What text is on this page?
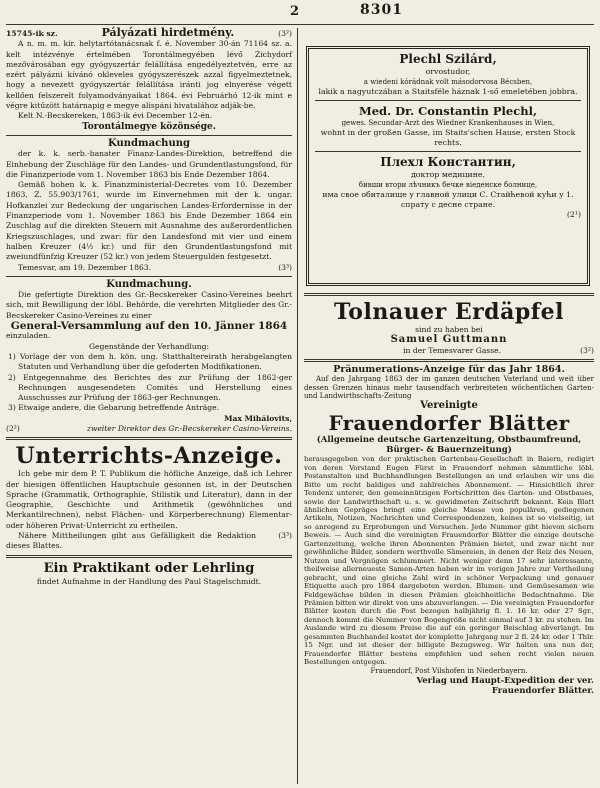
2	8301
15745-ik sz.	Pályázati hirdetmény.	(3²)
A n. m. m. kir. helytartótanácsnak f. é. November 30-án 71164 sz. a. kelt intézvénye értelmében Torontálmegyében lévő Zichydorf mezővárosában egy gyógyszertár felállítása engedélyeztetvén, erre az ezért pályázni kívánó okleveles gyógyszerészek azzal figyelmeztetnek, hogy a nevezett gyógyszertár felállítása iránti jog elnyerése végett kellően felszerelt folyamodványaikat 1864. évi Februárhó 12-ik mint e végre kitűzött határnapig e megye alispáni hivatalához adják-be.
Kelt N.-Becskereken, 1863-ik évi December 12-én.
Torontálmegye közönsége.
Kundmachung
der k. k. serb.-banater Finanz-Landes-Direktion, betreffend die Einhebung der Zuschläge für den Landes- und Grundentlastungsfond, für die Finanzperiode vom 1. November 1863 bis Ende Dezember 1864.
Gemäß hohen k. k. Finanzministerial-Decretes vom 10. Dezember 1863, Z. 55.903/1761, wurde im Einvernehmen mit der k. ungar. Hofkanzlei zur Bedeckung der ungarischen Landes-Erfordernisse in der Finanzperiode vom 1. November 1863 bis Ende Dezember 1864 ein Zuschlag auf die direkten Steuern mit Ausnahme des außerordentlichen Kriegszuschlages, und zwar: für den Landesfond mit vier und einem halben Kreuzer (4½ kr.) und für den Grundentlastungsfond mit zweiundfünfzig Kreuzer (52 kr.) von jedem Steuergulden festgesetzt.
Temesvar, am 19. Dezember 1863.	(3³)
Kundmachung.
Die gefertigte Direktion des Gr.-Becskereker Casino-Vereines beehrt sich, mit Bewilligung der löbl. Behörde, die verehrten Mitglieder des Gr.-Becskereker Casino-Vereines zu einer
General-Versammlung auf den 10. Jänner 1864
einzuladen.
Gegenstände der Verhandlung:
1) Vorlage der von dem h. kön. ung. Statthaltereirath herabgelangten Statuten und Verhandlung über die gefoderten Modifikationen.
2) Entgegennahme des Berichtes des zur Prüfung der 1862-ger Rechnungen ausgesendeten Comités und Herstellung eines Ausschusses zur Prüfung der 1863-ger Rechnungen.
3) Etwaige andere, die Gebarung betreffende Anträge.
Max Mihálovits,
(2²)	zweiter Direktor des Gr.-Becskereker Casino-Vereins.
Unterrichts-Anzeige.
Ich gebe mir dem P. T. Publikum die höfliche Anzeige, daß ich Lehrer der hiesigen öffentlichen Hauptschule gesonnen ist, in der Deutschen Sprache (Grammatik, Orthographie, Stilistik und Literatur), dann in der Geographie, Geschichte und Arithmetik (gewöhnliches und Merkantilrechnen), nebst Flächen- und Körperberechnung) Elementar- oder höheren Privat-Unterricht zu ertheilen.
Nähere Mittheilungen gibt aus Gefälligkeit die Redaktion dieses Blattes.
(3³)
Ein Praktikant oder Lehrling
findet Aufnahme in der Handlung des Paul Stagelschmidt.
Plechl Szilárd,
orvostudor,
a wiedeni kórádnak volt másodorvosa Bécsben,
lakik a nagyutczában a Staitsféle háznak 1-ső emeletében jobbra.
Med. Dr. Constantin Plechl,
gewes. Secundar-Arzt des Wiedner Krankenhauses in Wien,
wohnt in der großen Gasse, im Staits'schen Hause, ersten Stock rechts.
Плехл Константин,
доктор медицине,
бивши втори лѣчникъ бечке віеденске болнице,
има свое обиталище у главной улици С. Стайћевой кући у 1. спрату с десне стране.
(2¹)
Tolnauer Erdäpfel
sind zu haben bei
Samuel Guttmann
in der Temesvarer Gasse.	(3²)
Pränumerations-Anzeige für das Jahr 1864.
Auf den Jahrgang 1863 der im ganzen deutschen Vaterland und weit über dessen Grenzen hinaus mehr tausendfach verbreiteten wöchentlichen Garten- und Landwirthschafts-Zeitung
Vereinigte
Frauendorfer Blätter
(Allgemeine deutsche Gartenzeitung, Obstbaumfreund, Bürger- & Bauernzeitung)
herausgegeben von der praktischen Gartenbau-Gesellschaft in Baiern, redigirt von deren Vorstand Eugen Fürst in Frauendorf nehmen sämmtliche löbl. Postanstalten und Buchhandlungen Bestellungen an und erlauben wir uns die Bitte um recht baldiges und zahlreiches Abonnement. — Hinsichtlich ihrer Tendenz unterer, den gemeinnützigen Fortschritten des Garten- und Obstbaues, sowie der Landwirthschaft u. s. w. gewidmeten Zeitschrift bekannt. Kein Blatt ähnlichen Gepräges bringt eine gleiche Masse von populären, gediegenen Artikeln, Notizen, Nachrichten und Correspondenzen, keines ist so vielseitig, ist so anregend zu Erprobungen und Versuchen. Jede Nummer gibt hievon sichern Beweis. — Auch sind die vereinigten Frauendorfer Blätter die einzige deutsche Gartenzeitung, welche ihren Abonnenten Prämien bietet, und zwar nicht nur gewöhnliche Bilder, sondern werthvolle Sämereien, in denen der Reiz des Neuen, Nutzen und Vergnügen schlummert. Nicht weniger denn 17 sehr interessante, theilweise allerneueste Samen-Arten haben wir im vorigen Jahre zur Vertheilung gebracht, und eine gleiche Zahl wird in schöner Verpackung und genauer Etiquette auch pro 1864 dargeboten werden. Blumen- und Gemüsesamen wie Feldgewächse bilden in diesen Prämien gleichheitliche Bedachtnahme. Die Prämien bitten wir direkt von uns abzuverlangen. — Die vereinigten Frauendorfer Blätter kosten durch die Post bezogen halbjährig fl. 1. 16 kr. oder 27 Sgr., dennoch kommt die Nummer von Bogengröße nicht einmal auf 3 kr. zu stehen. Im Auslande wird zu diesem Preise die auf ein geringer Beischlag abverlangt. Im gesammten Buchhandel kostet der komplette Jahrgang nur 2 fl. 24 kr. oder 1 Thlr. 15 Ngr. und ist dieser der billigste Bezugsweg. Wir halten uns nun der, Frauendorfer Blätter bestens empfehlen und sehen recht vielen neuen Bestellungen entgegen.
Frauendorf, Post Vilshofen in Niederbayern.
Verlag und Haupt-Expedition der ver.
Frauendorfer Blätter.
